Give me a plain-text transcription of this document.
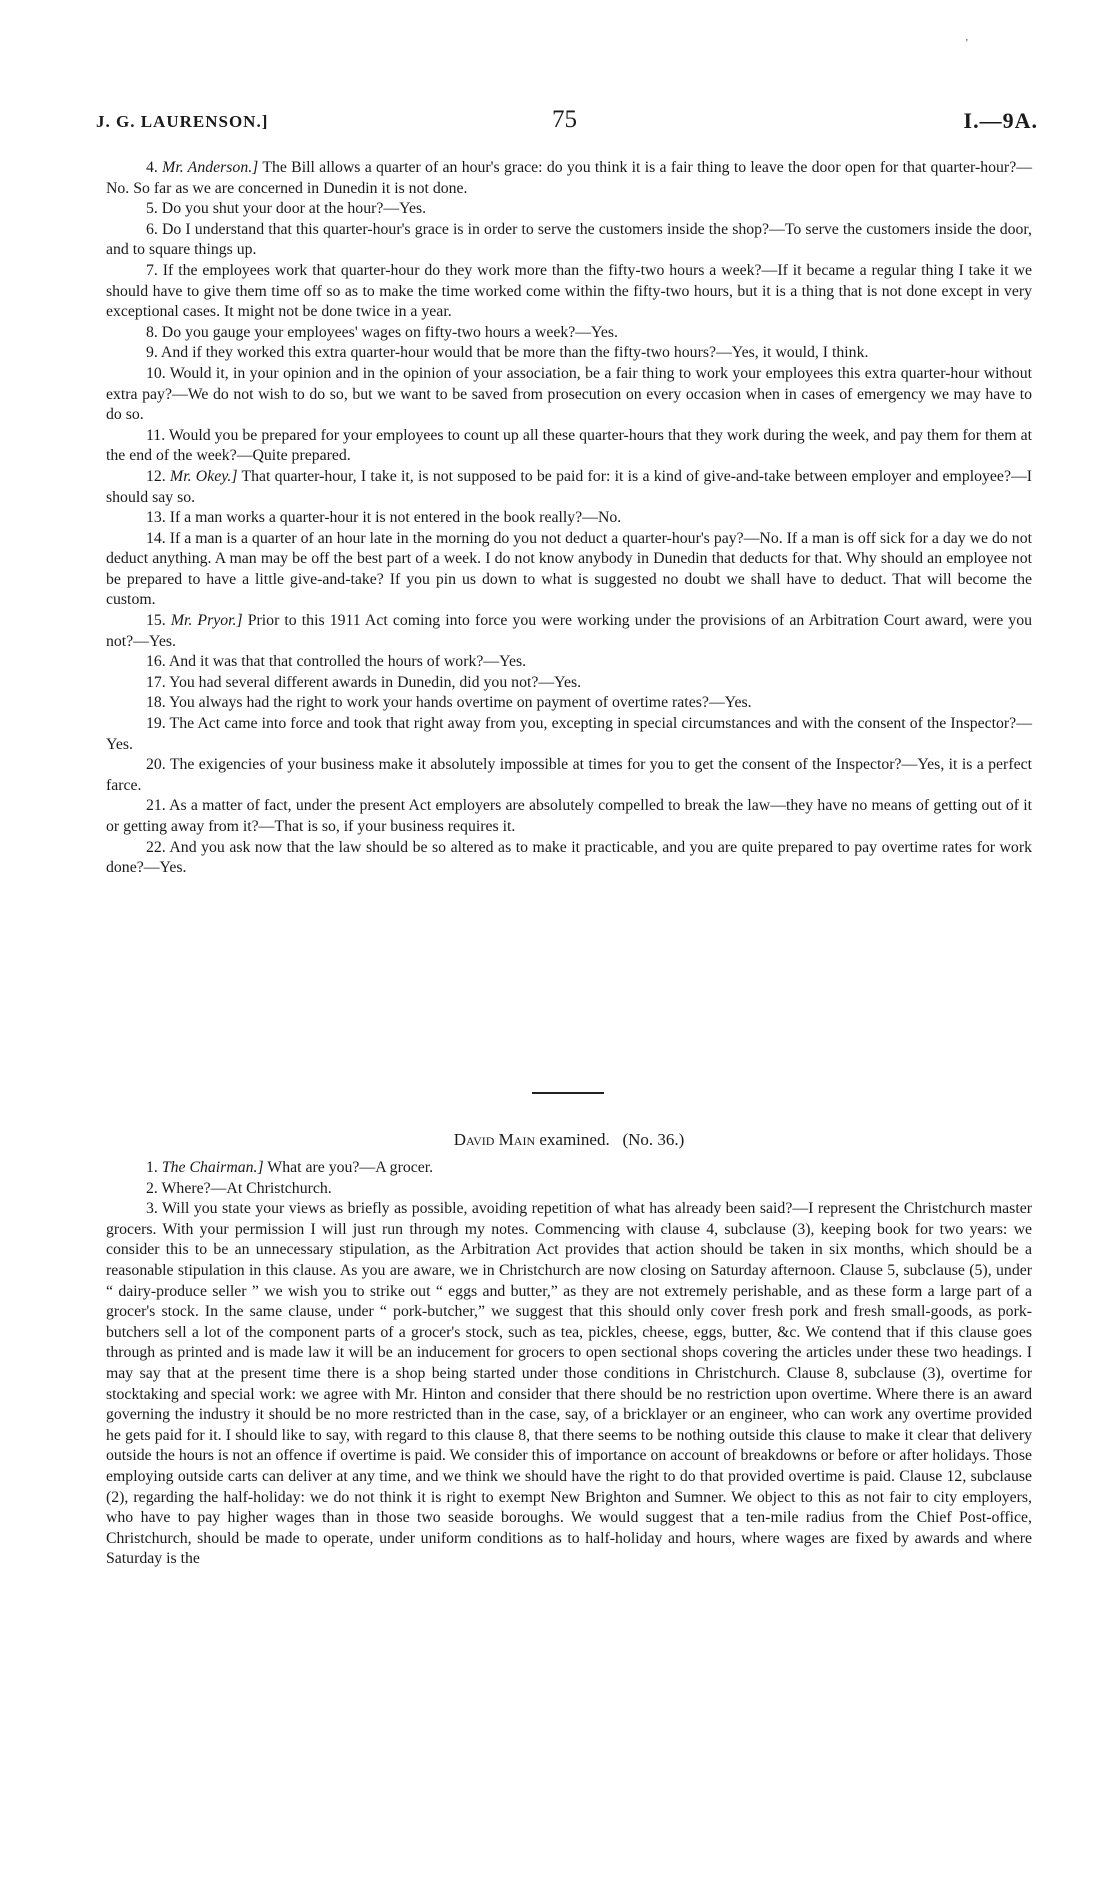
'
J. G. LAURENSON.]	75	I.—9A.

4. Mr. Anderson.] The Bill allows a quarter of an hour's grace: do you think it is a fair thing to leave the door open for that quarter-hour?—No. So far as we are concerned in Dunedin it is not done.

5. Do you shut your door at the hour?—Yes.

6. Do I understand that this quarter-hour's grace is in order to serve the customers inside the shop?—To serve the customers inside the door, and to square things up.

7. If the employees work that quarter-hour do they work more than the fifty-two hours a week?—If it became a regular thing I take it we should have to give them time off so as to make the time worked come within the fifty-two hours, but it is a thing that is not done except in very exceptional cases. It might not be done twice in a year.

8. Do you gauge your employees' wages on fifty-two hours a week?—Yes.

9. And if they worked this extra quarter-hour would that be more than the fifty-two hours?—Yes, it would, I think.

10. Would it, in your opinion and in the opinion of your association, be a fair thing to work your employees this extra quarter-hour without extra pay?—We do not wish to do so, but we want to be saved from prosecution on every occasion when in cases of emergency we may have to do so.

11. Would you be prepared for your employees to count up all these quarter-hours that they work during the week, and pay them for them at the end of the week?—Quite prepared.

12. Mr. Okey.] That quarter-hour, I take it, is not supposed to be paid for: it is a kind of give-and-take between employer and employee?—I should say so.

13. If a man works a quarter-hour it is not entered in the book really?—No.

14. If a man is a quarter of an hour late in the morning do you not deduct a quarter-hour's pay?—No. If a man is off sick for a day we do not deduct anything. A man may be off the best part of a week. I do not know anybody in Dunedin that deducts for that. Why should an employee not be prepared to have a little give-and-take? If you pin us down to what is suggested no doubt we shall have to deduct. That will become the custom.

15. Mr. Pryor.] Prior to this 1911 Act coming into force you were working under the provisions of an Arbitration Court award, were you not?—Yes.

16. And it was that that controlled the hours of work?—Yes.

17. You had several different awards in Dunedin, did you not?—Yes.

18. You always had the right to work your hands overtime on payment of overtime rates?—Yes.

19. The Act came into force and took that right away from you, excepting in special circumstances and with the consent of the Inspector?—Yes.

20. The exigencies of your business make it absolutely impossible at times for you to get the consent of the Inspector?—Yes, it is a perfect farce.

21. As a matter of fact, under the present Act employers are absolutely compelled to break the law—they have no means of getting out of it or getting away from it?—That is so, if your business requires it.

22. And you ask now that the law should be so altered as to make it practicable, and you are quite prepared to pay overtime rates for work done?—Yes.

David Main examined. (No. 36.)

1. The Chairman.] What are you?—A grocer.

2. Where?—At Christchurch.

3. Will you state your views as briefly as possible, avoiding repetition of what has already been said?—I represent the Christchurch master grocers. With your permission I will just run through my notes. Commencing with clause 4, subclause (3), keeping book for two years: we consider this to be an unnecessary stipulation, as the Arbitration Act provides that action should be taken in six months, which should be a reasonable stipulation in this clause. As you are aware, we in Christchurch are now closing on Saturday afternoon. Clause 5, subclause (5), under “ dairy-produce seller ” we wish you to strike out “ eggs and butter,” as they are not extremely perishable, and as these form a large part of a grocer's stock. In the same clause, under “ pork-butcher,” we suggest that this should only cover fresh pork and fresh small-goods, as pork-butchers sell a lot of the component parts of a grocer's stock, such as tea, pickles, cheese, eggs, butter, &c. We contend that if this clause goes through as printed and is made law it will be an inducement for grocers to open sectional shops covering the articles under these two headings. I may say that at the present time there is a shop being started under those conditions in Christchurch. Clause 8, subclause (3), overtime for stocktaking and special work: we agree with Mr. Hinton and consider that there should be no restriction upon overtime. Where there is an award governing the industry it should be no more restricted than in the case, say, of a bricklayer or an engineer, who can work any overtime provided he gets paid for it. I should like to say, with regard to this clause 8, that there seems to be nothing outside this clause to make it clear that delivery outside the hours is not an offence if overtime is paid. We consider this of importance on account of breakdowns or before or after holidays. Those employing outside carts can deliver at any time, and we think we should have the right to do that provided overtime is paid. Clause 12, subclause (2), regarding the half-holiday: we do not think it is right to exempt New Brighton and Sumner. We object to this as not fair to city employers, who have to pay higher wages than in those two seaside boroughs. We would suggest that a ten-mile radius from the Chief Post-office, Christchurch, should be made to operate, under uniform conditions as to half-holiday and hours, where wages are fixed by awards and where Saturday is the
